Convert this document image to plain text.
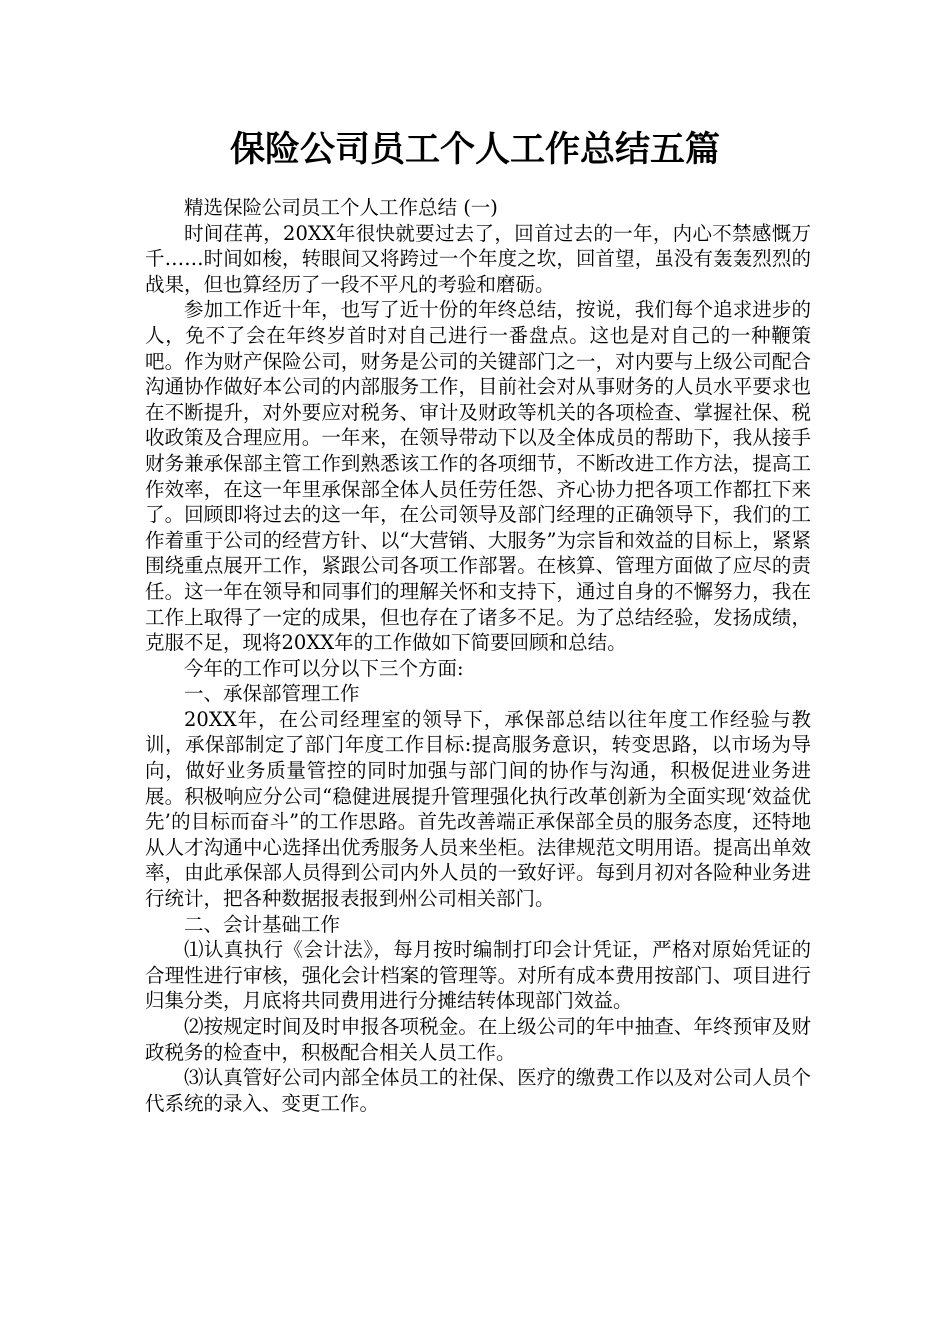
保险公司员工个人工作总结五篇

精选保险公司员工个人工作总结 (一)

时间荏苒，20XX年很快就要过去了，回首过去的一年，内心不禁感慨万千……时间如梭，转眼间又将跨过一个年度之坎，回首望，虽没有轰轰烈烈的战果，但也算经历了一段不平凡的考验和磨砺。

参加工作近十年，也写了近十份的年终总结，按说，我们每个追求进步的人，免不了会在年终岁首时对自己进行一番盘点。这也是对自己的一种鞭策吧。作为财产保险公司，财务是公司的关键部门之一，对内要与上级公司配合沟通协作做好本公司的内部服务工作，目前社会对从事财务的人员水平要求也在不断提升，对外要应对税务、审计及财政等机关的各项检查、掌握社保、税收政策及合理应用。一年来，在领导带动下以及全体成员的帮助下，我从接手财务兼承保部主管工作到熟悉该工作的各项细节，不断改进工作方法，提高工作效率，在这一年里承保部全体人员任劳任怨、齐心协力把各项工作都扛下来了。回顾即将过去的这一年，在公司领导及部门经理的正确领导下，我们的工作着重于公司的经营方针、以“大营销、大服务”为宗旨和效益的目标上，紧紧围绕重点展开工作，紧跟公司各项工作部署。在核算、管理方面做了应尽的责任。这一年在领导和同事们的理解关怀和支持下，通过自身的不懈努力，我在工作上取得了一定的成果，但也存在了诸多不足。为了总结经验，发扬成绩，克服不足，现将20XX年的工作做如下简要回顾和总结。

今年的工作可以分以下三个方面:

一、承保部管理工作

20XX年，在公司经理室的领导下，承保部总结以往年度工作经验与教训，承保部制定了部门年度工作目标:提高服务意识，转变思路，以市场为导向，做好业务质量管控的同时加强与部门间的协作与沟通，积极促进业务进展。积极响应分公司“稳健进展提升管理强化执行改革创新为全面实现‘效益优先’的目标而奋斗”的工作思路。首先改善端正承保部全员的服务态度，还特地从人才沟通中心选择出优秀服务人员来坐柜。法律规范文明用语。提高出单效率，由此承保部人员得到公司内外人员的一致好评。每到月初对各险种业务进行统计，把各种数据报表报到州公司相关部门。

二、会计基础工作

⑴认真执行《会计法》，每月按时编制打印会计凭证，严格对原始凭证的合理性进行审核，强化会计档案的管理等。对所有成本费用按部门、项目进行归集分类，月底将共同费用进行分摊结转体现部门效益。

⑵按规定时间及时申报各项税金。在上级公司的年中抽查、年终预审及财政税务的检查中，积极配合相关人员工作。

⑶认真管好公司内部全体员工的社保、医疗的缴费工作以及对公司人员个代系统的录入、变更工作。
